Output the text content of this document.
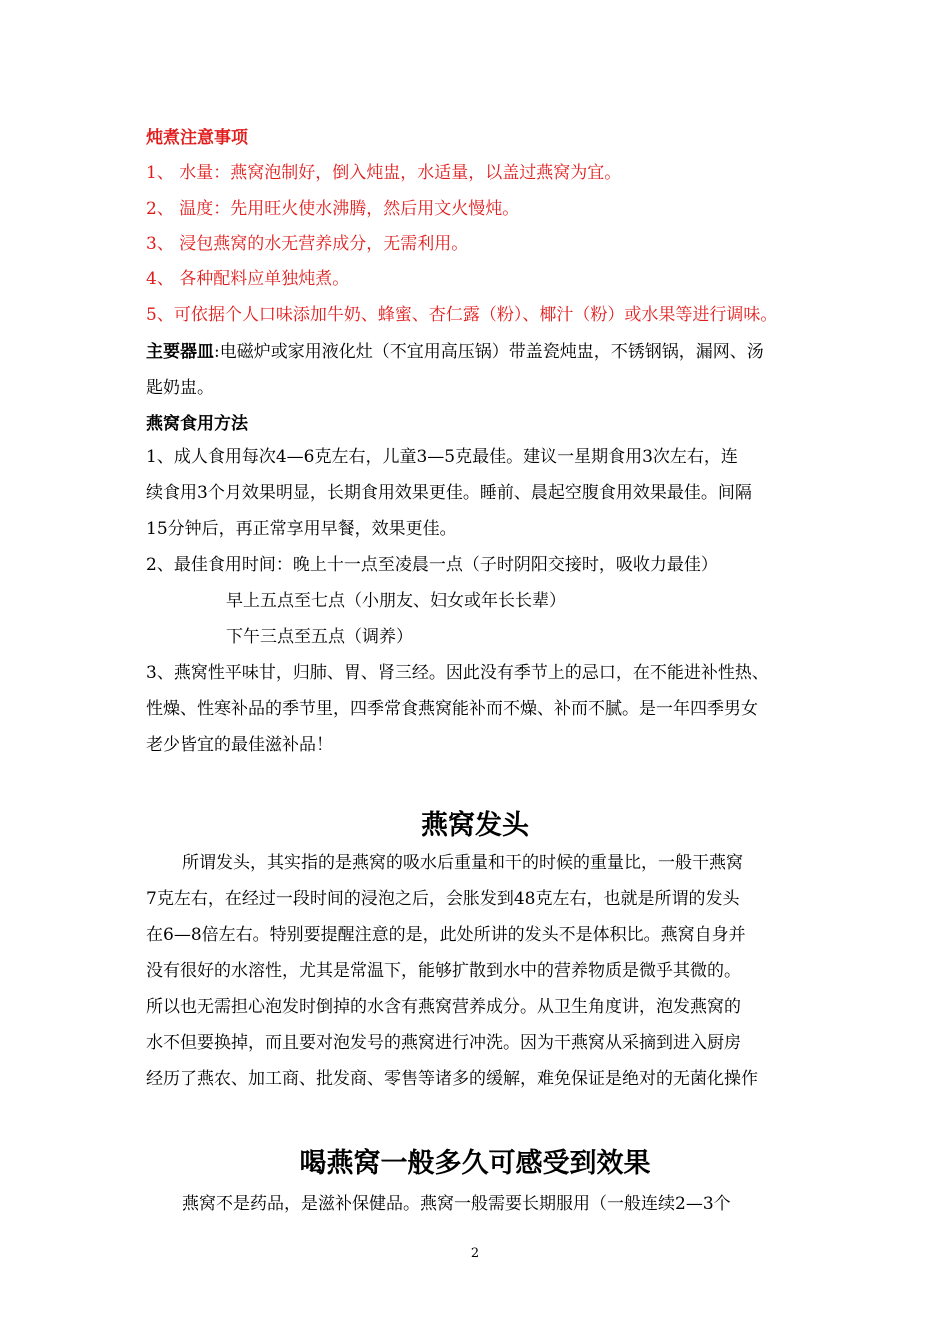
炖煮注意事项
1、 水量：燕窝泡制好，倒入炖盅，水适量，以盖过燕窝为宜。
2、 温度：先用旺火使水沸腾，然后用文火慢炖。
3、 浸包燕窝的水无营养成分，无需利用。
4、 各种配料应单独炖煮。
5、可依据个人口味添加牛奶、蜂蜜、杏仁露（粉）、椰汁（粉）或水果等进行调味。
主要器皿:电磁炉或家用液化灶（不宜用高压锅）带盖瓷炖盅，不锈钢锅，漏网、汤
匙奶盅。
燕窝食用方法
1、成人食用每次4—6克左右，儿童3—5克最佳。建议一星期食用3次左右，连
续食用3个月效果明显，长期食用效果更佳。睡前、晨起空腹食用效果最佳。间隔
15分钟后，再正常享用早餐，效果更佳。
2、最佳食用时间：晚上十一点至凌晨一点（子时阴阳交接时，吸收力最佳）
早上五点至七点（小朋友、妇女或年长长辈）
下午三点至五点（调养）
3、燕窝性平味甘，归肺、胃、肾三经。因此没有季节上的忌口，在不能进补性热、
性燥、性寒补品的季节里，四季常食燕窝能补而不燥、补而不腻。是一年四季男女
老少皆宜的最佳滋补品！
燕窝发头
所谓发头，其实指的是燕窝的吸水后重量和干的时候的重量比，一般干燕窝
7克左右，在经过一段时间的浸泡之后，会胀发到48克左右，也就是所谓的发头
在6—8倍左右。特别要提醒注意的是，此处所讲的发头不是体积比。燕窝自身并
没有很好的水溶性，尤其是常温下，能够扩散到水中的营养物质是微乎其微的。
所以也无需担心泡发时倒掉的水含有燕窝营养成分。从卫生角度讲，泡发燕窝的
水不但要换掉，而且要对泡发号的燕窝进行冲洗。因为干燕窝从采摘到进入厨房
经历了燕农、加工商、批发商、零售等诸多的缓解，难免保证是绝对的无菌化操作
喝燕窝一般多久可感受到效果
燕窝不是药品，是滋补保健品。燕窝一般需要长期服用（一般连续2—3个
2
